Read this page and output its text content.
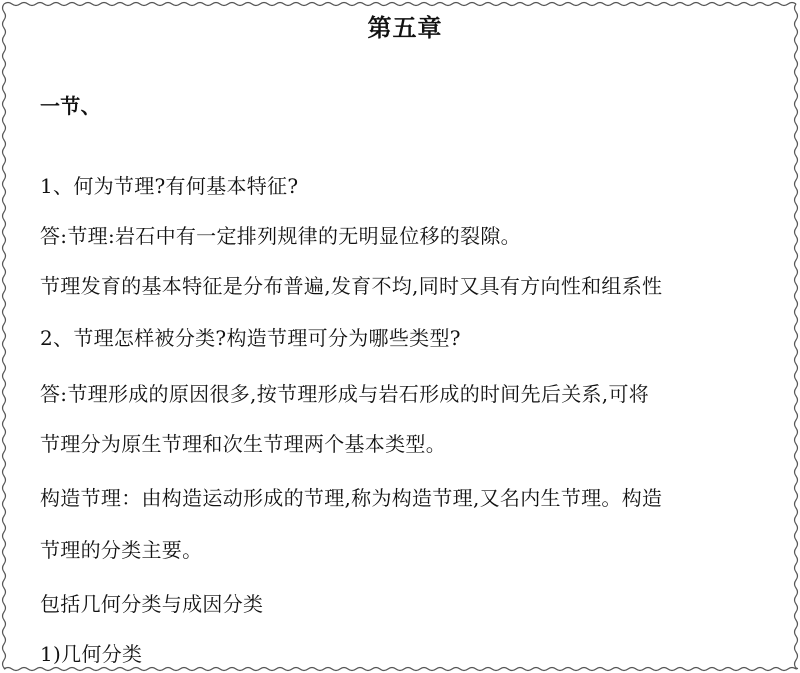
第五章
一节、
1、何为节理?有何基本特征?
答:节理:岩石中有一定排列规律的无明显位移的裂隙。
节理发育的基本特征是分布普遍,发育不均,同时又具有方向性和组系性
2、节理怎样被分类?构造节理可分为哪些类型?
答:节理形成的原因很多,按节理形成与岩石形成的时间先后关系,可将
节理分为原生节理和次生节理两个基本类型。
构造节理：由构造运动形成的节理,称为构造节理,又名内生节理。构造
节理的分类主要。
包括几何分类与成因分类
1)几何分类
